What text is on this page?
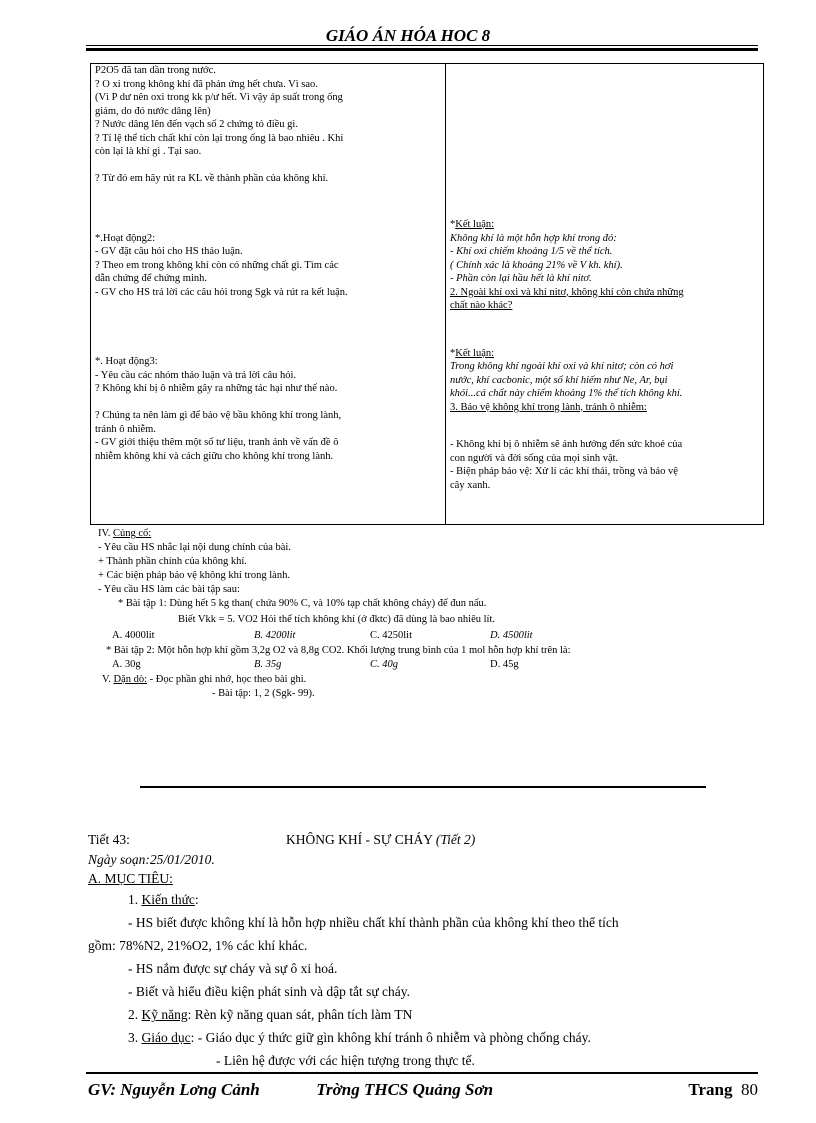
GIÁO ÁN HÓA HOC 8
P2O5 đã tan dần trong nước.
? O xi trong không khí đã phản ứng hết chưa. Vì sao.
(Vì P dư nên oxi trong kk p/ư hết. Vì vậy áp suất trong ống
giảm, do đó nước dâng lên)
? Nước dâng lên đến vạch số 2 chứng tỏ điều gì.
? Tỉ lệ thể tích chất khí còn lại trong ống là bao nhiêu . Khí
còn lại là khí gì . Tại sao.

? Từ đó em hãy rút ra KL về thành phần của không khí.
*.Hoạt động2:
- GV đặt câu hỏi cho HS thảo luận.
? Theo em trong không khí còn có những chất gì. Tìm các
dẫn chứng để chứng minh.
- GV cho HS trả lời các câu hỏi trong Sgk và rút ra kết luận.
*. Hoạt động3:
- Yêu cầu các nhóm thảo luận và trả lời câu hỏi.
? Không khí bị ô nhiễm gây ra những tác hại như thế nào.

? Chúng ta nên làm gì để bảo vệ bầu không khí trong lành,
tránh ô nhiễm.
- GV giới thiệu thêm một số tư liệu, tranh ảnh về vấn đề ô
nhiễm không khí và cách giữu cho không khí trong lành.

*Kết luận:
Không khí là một hỗn hợp khí trong đó:
- Khí oxi chiếm khoảng 1/5 về thể tích.
( Chính xác là khoảng 21% về V kh. khí).
- Phần còn lại hầu hết là khí nitơ.
2. Ngoài khí oxi và khí nitơ, không khí còn chứa những
chất nào khác?
*Kết luận:
Trong không khí ngoài khí oxi và khí nitơ; còn có hơi
nước, khí cacbonic, một số khí hiếm như Ne, Ar, bụi
khói...cá chất này chiếm khoảng 1% thể tích không khí.
3. Bảo vệ không khí trong lành, tránh ô nhiễm:
- Không khí bị ô nhiễm sẽ ảnh hưởng đến sức khoẻ của
con người và đời sống của mọi sinh vật.
- Biện pháp bảo vệ: Xử lí các khí thải, trồng và bảo vệ
cây xanh.
IV. Củng cố:
- Yêu cầu HS nhắc lại nội dung chính của bài.
+ Thành phần chính của không khí.
+ Các biện pháp bảo vệ không khí trong lành.
- Yêu cầu HS làm các bài tập sau:
* Bài tập 1: Dùng hết 5 kg than( chứa 90% C, và 10% tạp chất không cháy) để đun nấu.
Biết Vkk = 5. VO2 Hỏi thể tích không khí (ở đktc) đã dùng là bao nhiêu lít.
A. 4000lit	B. 4200lit	C. 4250lit	D. 4500lit
* Bài tập 2: Một hỗn hợp khí gồm 3,2g O2 và 8,8g CO2. Khối lượng trung bình của 1 mol hỗn hợp khí trên là:
A. 30g	B. 35g	C. 40g	D. 45g
V. Dặn dò: - Đọc phần ghi nhớ, học theo bài ghi.
- Bài tập: 1, 2 (Sgk- 99).
Tiết 43:	KHÔNG KHÍ - SỰ CHÁY (Tiết 2)
Ngày soạn:25/01/2010.
A. MỤC TIÊU:
1. Kiến thức:
- HS biết được không khí là hỗn hợp nhiều chất khí thành phần của không khí theo thể tích
gồm: 78%N2, 21%O2, 1% các khí khác.
- HS nắm được sự cháy và sự ô xi hoá.
- Biết và hiểu điều kiện phát sinh và dập tắt sự cháy.
2. Kỹ năng: Rèn kỹ năng quan sát, phân tích làm TN
3. Giáo dục: - Giáo dục ý thức giữ gìn không khí tránh ô nhiễm và phòng chống cháy.
- Liên hệ được với các hiện tượng trong thực tế.
GV: Nguyễn Lơng Cảnh	Trờng THCS Quảng Sơn	Trang 80
